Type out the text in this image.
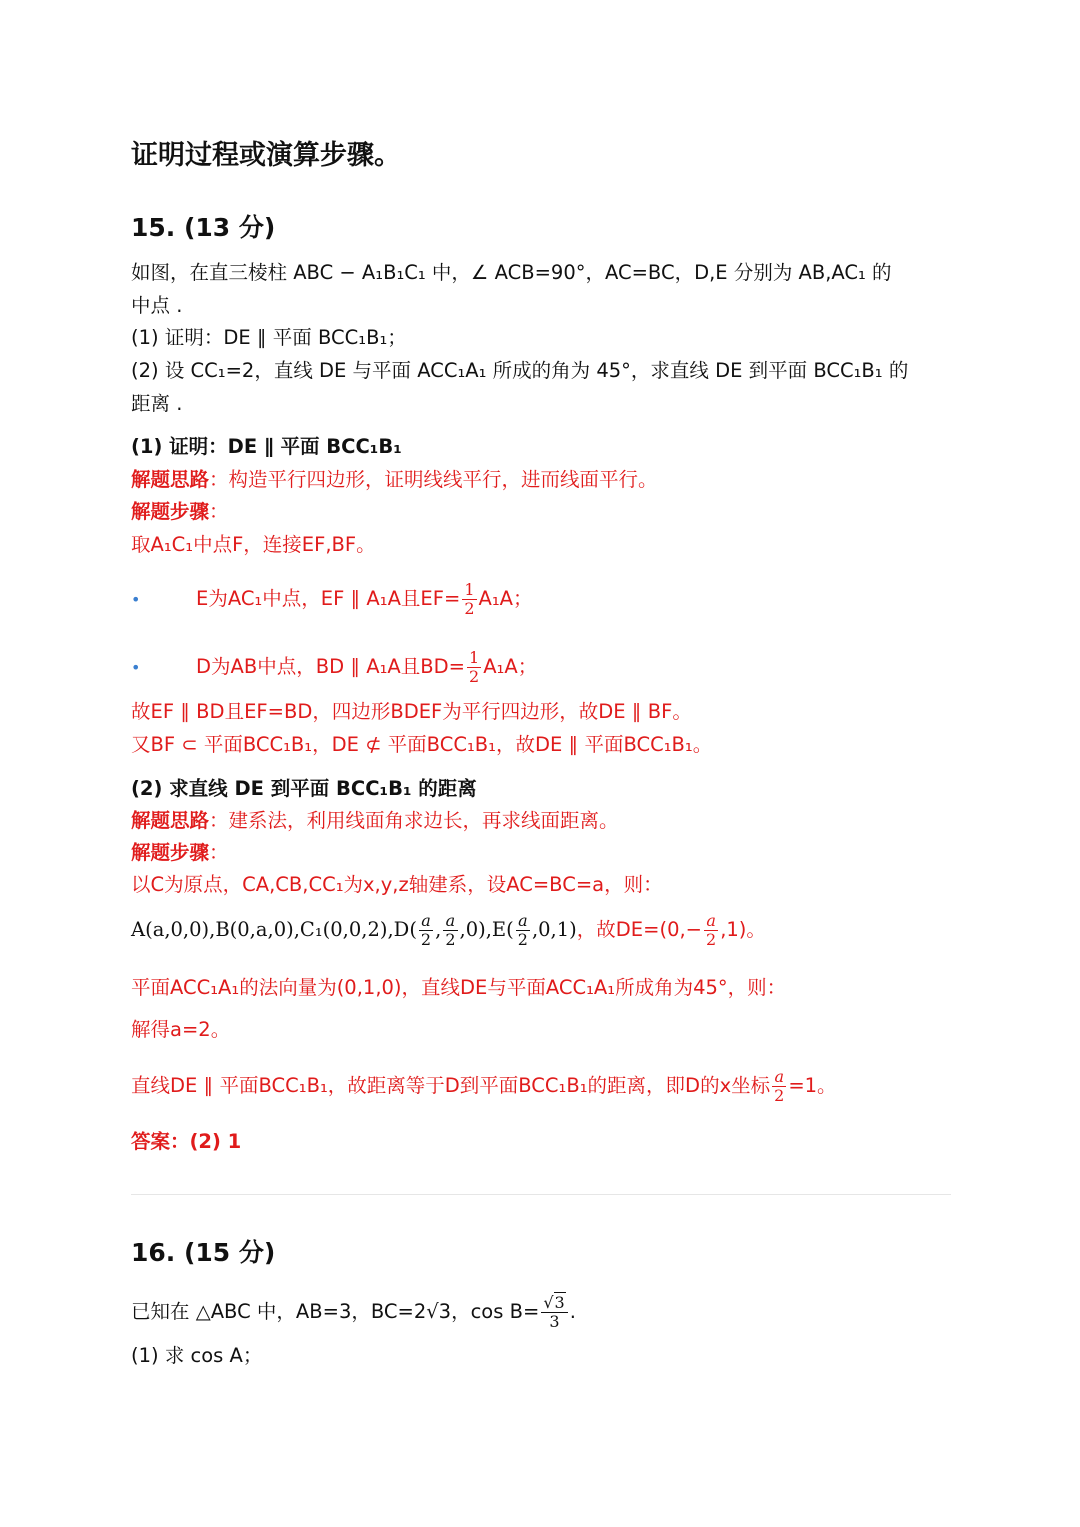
证明过程或演算步骤。
15. (13 分)
如图，在直三棱柱 ABC − A₁B₁C₁ 中，∠ ACB=90°，AC=BC，D,E 分别为 AB,AC₁ 的
中点 .
(1) 证明：DE ∥ 平面 BCC₁B₁；
(2) 设 CC₁=2，直线 DE 与平面 ACC₁A₁ 所成的角为 45°，求直线 DE 到平面 BCC₁B₁ 的
距离 .
(1) 证明：DE ∥ 平面 BCC₁B₁
解题思路：构造平行四边形，证明线线平行，进而线面平行。
解题步骤：
取A₁C₁中点F，连接EF,BF。
•	E为AC₁中点，EF ∥ A₁A且$EF= \frac{1}{2} A_1A$；
•	D为AB中点，BD ∥ A₁A且$BD= \frac{1}{2} A_1A$；
故EF ∥ BD且EF=BD，四边形BDEF为平行四边形，故DE ∥ BF。
又BF ⊂ 平面BCC₁B₁，DE ⊄ 平面BCC₁B₁，故DE ∥ 平面BCC₁B₁。
(2) 求直线 DE 到平面 BCC₁B₁ 的距离
解题思路：建系法，利用线面角求边长，再求线面距离。
解题步骤：
以C为原点，CA,CB,CC₁为x,y,z轴建系，设AC=BC=a，则：
$A(a,0,0),B(0,a,0),C_1(0,0,2),D( \frac{a}{2}$ , $\frac{a}{2} ,0),E( \frac{a}{2} ,0,1)$，故$DE=(0,- \frac{a}{2} ,1)$。
平面ACC₁A₁的法向量为(0,1,0)，直线DE与平面ACC₁A₁所成角为45°，则：
解得a=2。
直线DE ∥ 平面BCC₁B₁，故距离等于D到平面BCC₁B₁的距离，即D的x坐标 $\frac{a}{2} =1$。
答案：(2) 1
16. (15 分)
已知在 △ABC 中，AB=3，BC=2√3，$\cos B= \frac{√3}{3}$ .
(1) 求 cos A；
